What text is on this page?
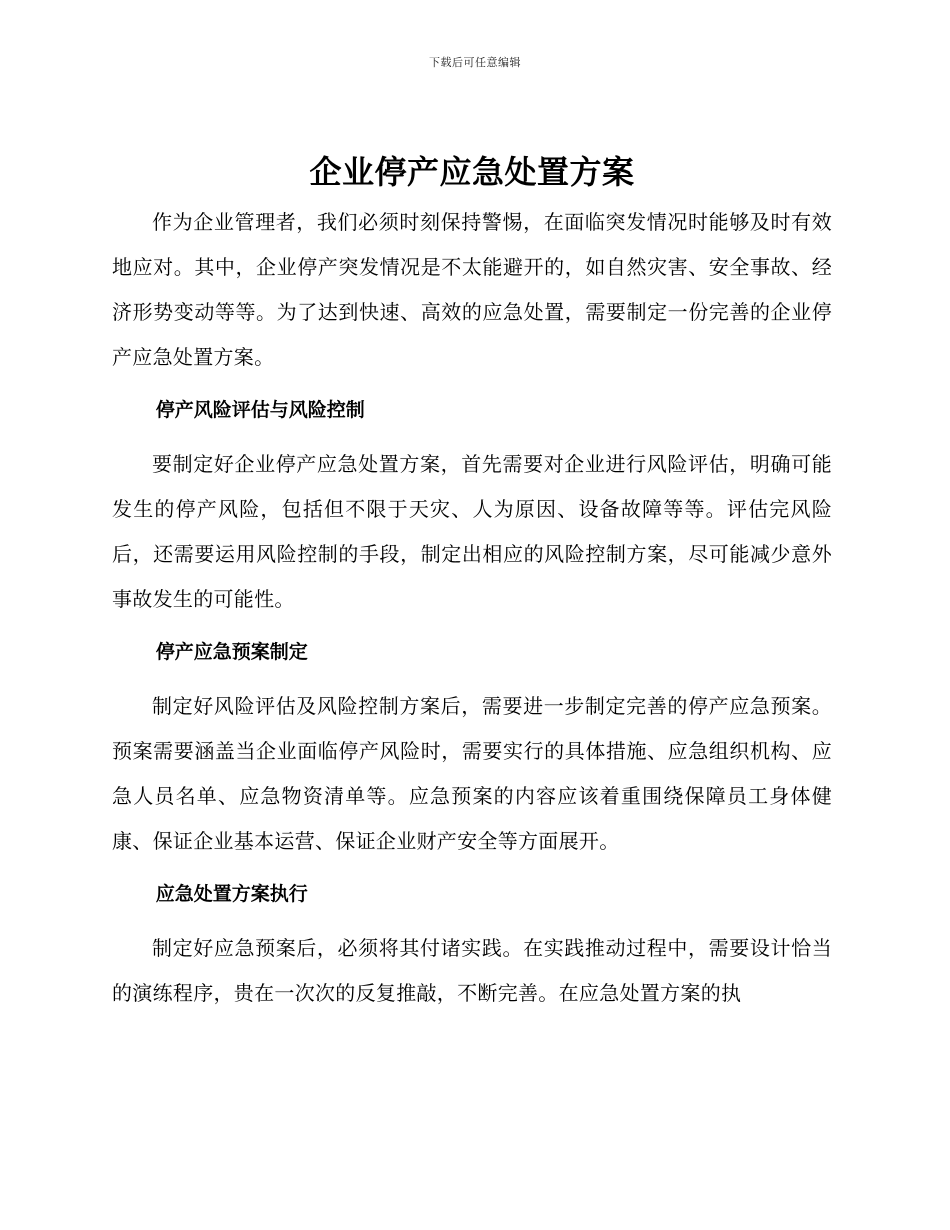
下载后可任意编辑
企业停产应急处置方案

作为企业管理者，我们必须时刻保持警惕，在面临突发情况时能够及时有效地应对。其中，企业停产突发情况是不太能避开的，如自然灾害、安全事故、经济形势变动等等。为了达到快速、高效的应急处置，需要制定一份完善的企业停产应急处置方案。

停产风险评估与风险控制

要制定好企业停产应急处置方案，首先需要对企业进行风险评估，明确可能发生的停产风险，包括但不限于天灾、人为原因、设备故障等等。评估完风险后，还需要运用风险控制的手段，制定出相应的风险控制方案，尽可能减少意外事故发生的可能性。

停产应急预案制定

制定好风险评估及风险控制方案后，需要进一步制定完善的停产应急预案。预案需要涵盖当企业面临停产风险时，需要实行的具体措施、应急组织机构、应急人员名单、应急物资清单等。应急预案的内容应该着重围绕保障员工身体健康、保证企业基本运营、保证企业财产安全等方面展开。

应急处置方案执行

制定好应急预案后，必须将其付诸实践。在实践推动过程中，需要设计恰当的演练程序，贵在一次次的反复推敲，不断完善。在应急处置方案的执
